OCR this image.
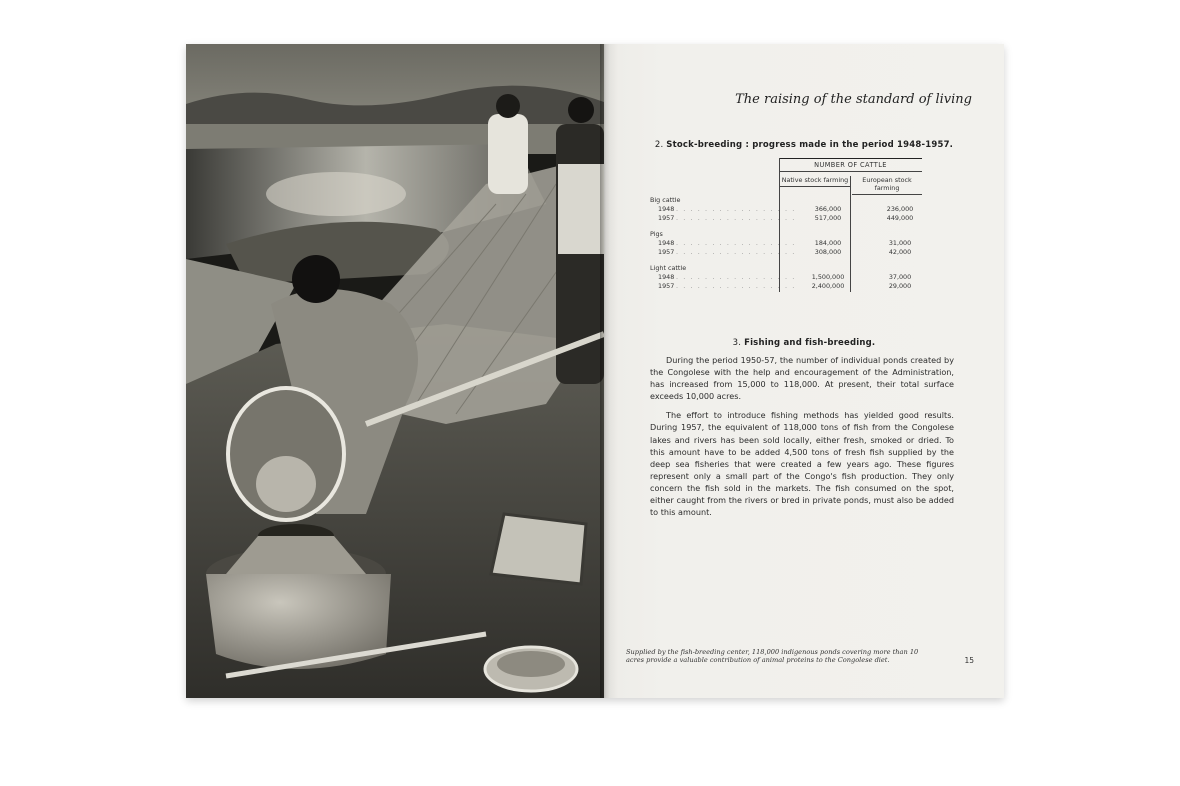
The raising of the standard of living
2. Stock-breeding : progress made in the period 1948-1957.
NUMBER OF CATTLE
Native stock farming	European stock farming
Big cattle
1948 . . . . . . . . . . . . . . . . .	366,000	236,000
1957 . . . . . . . . . . . . . . . . .	517,000	449,000
Pigs
1948 . . . . . . . . . . . . . . . . .	184,000	31,000
1957 . . . . . . . . . . . . . . . . .	308,000	42,000
Light cattle
1948 . . . . . . . . . . . . . . . . .	1,500,000	37,000
1957 . . . . . . . . . . . . . . . . .	2,400,000	29,000
3. Fishing and fish-breeding.

During the period 1950-57, the number of individual ponds created by the Congolese with the help and encouragement of the Administration, has increased from 15,000 to 118,000. At present, their total surface exceeds 10,000 acres.

The effort to introduce fishing methods has yielded good results. During 1957, the equivalent of 118,000 tons of fish from the Congolese lakes and rivers has been sold locally, either fresh, smoked or dried. To this amount have to be added 4,500 tons of fresh fish supplied by the deep sea fisheries that were created a few years ago. These figures represent only a small part of the Congo's fish production. They only concern the fish sold in the markets. The fish consumed on the spot, either caught from the rivers or bred in private ponds, must also be added to this amount.

Supplied by the fish-breeding center, 118,000 indigenous ponds covering more than 10 acres provide a valuable contribution of animal proteins to the Congolese diet.	15
